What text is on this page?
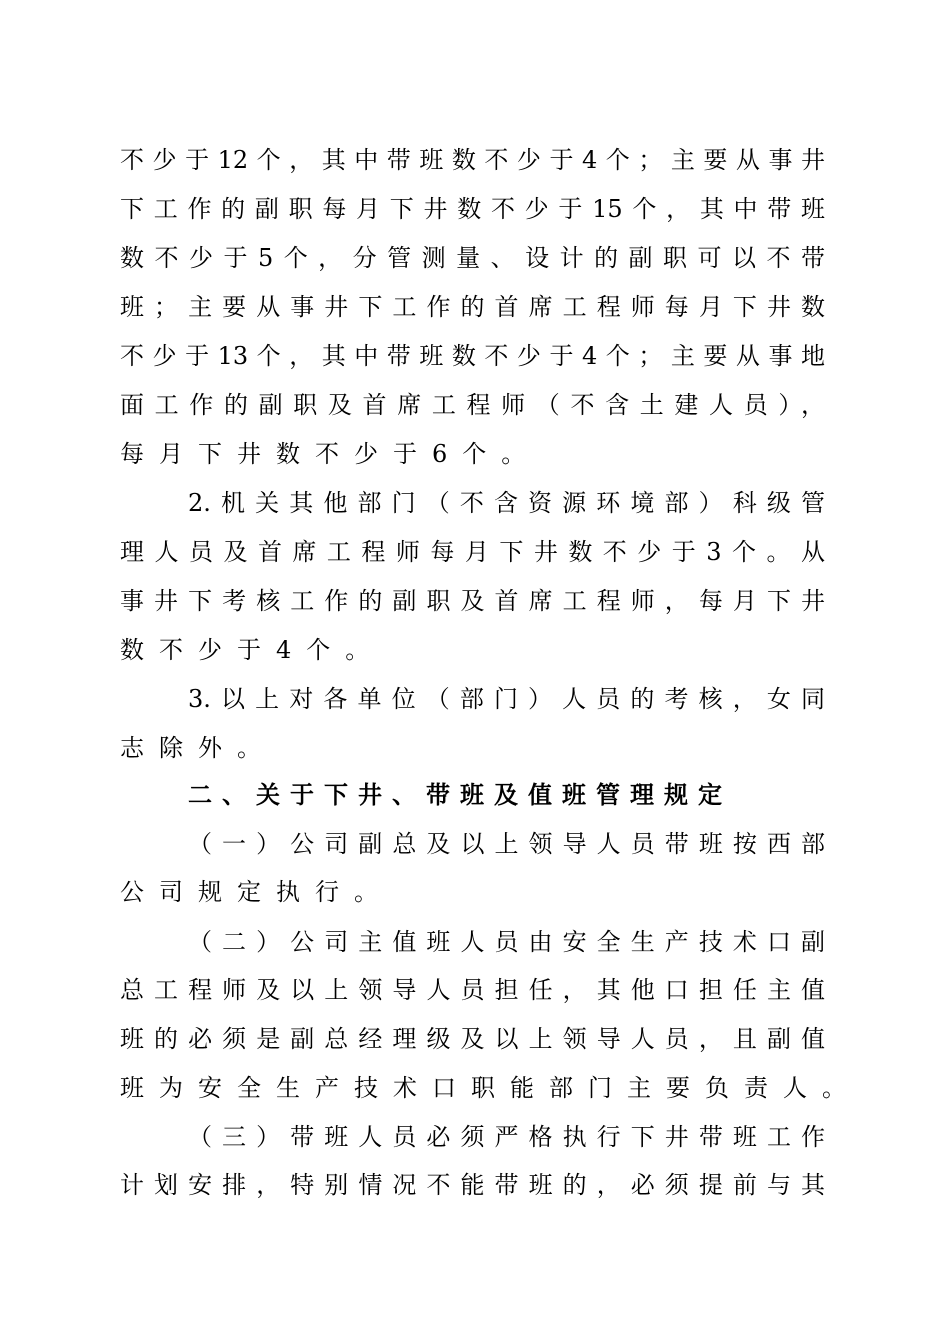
不少于12个，其中带班数不少于4个；主要从事井
下工作的副职每月下井数不少于15个，其中带班
数不少于5个，分管测量、设计的副职可以不带
班；主要从事井下工作的首席工程师每月下井数
不少于13个，其中带班数不少于4个；主要从事地
面工作的副职及首席工程师（不含土建人员），
每月下井数不少于6个。
2.机关其他部门（不含资源环境部）科级管
理人员及首席工程师每月下井数不少于3个。从
事井下考核工作的副职及首席工程师，每月下井
数不少于4个。
3.以上对各单位（部门）人员的考核，女同
志除外。
二、关于下井、带班及值班管理规定
（一）公司副总及以上领导人员带班按西部
公司规定执行。
（二）公司主值班人员由安全生产技术口副
总工程师及以上领导人员担任，其他口担任主值
班的必须是副总经理级及以上领导人员，且副值
班为安全生产技术口职能部门主要负责人。
（三）带班人员必须严格执行下井带班工作
计划安排，特别情况不能带班的，必须提前与其
